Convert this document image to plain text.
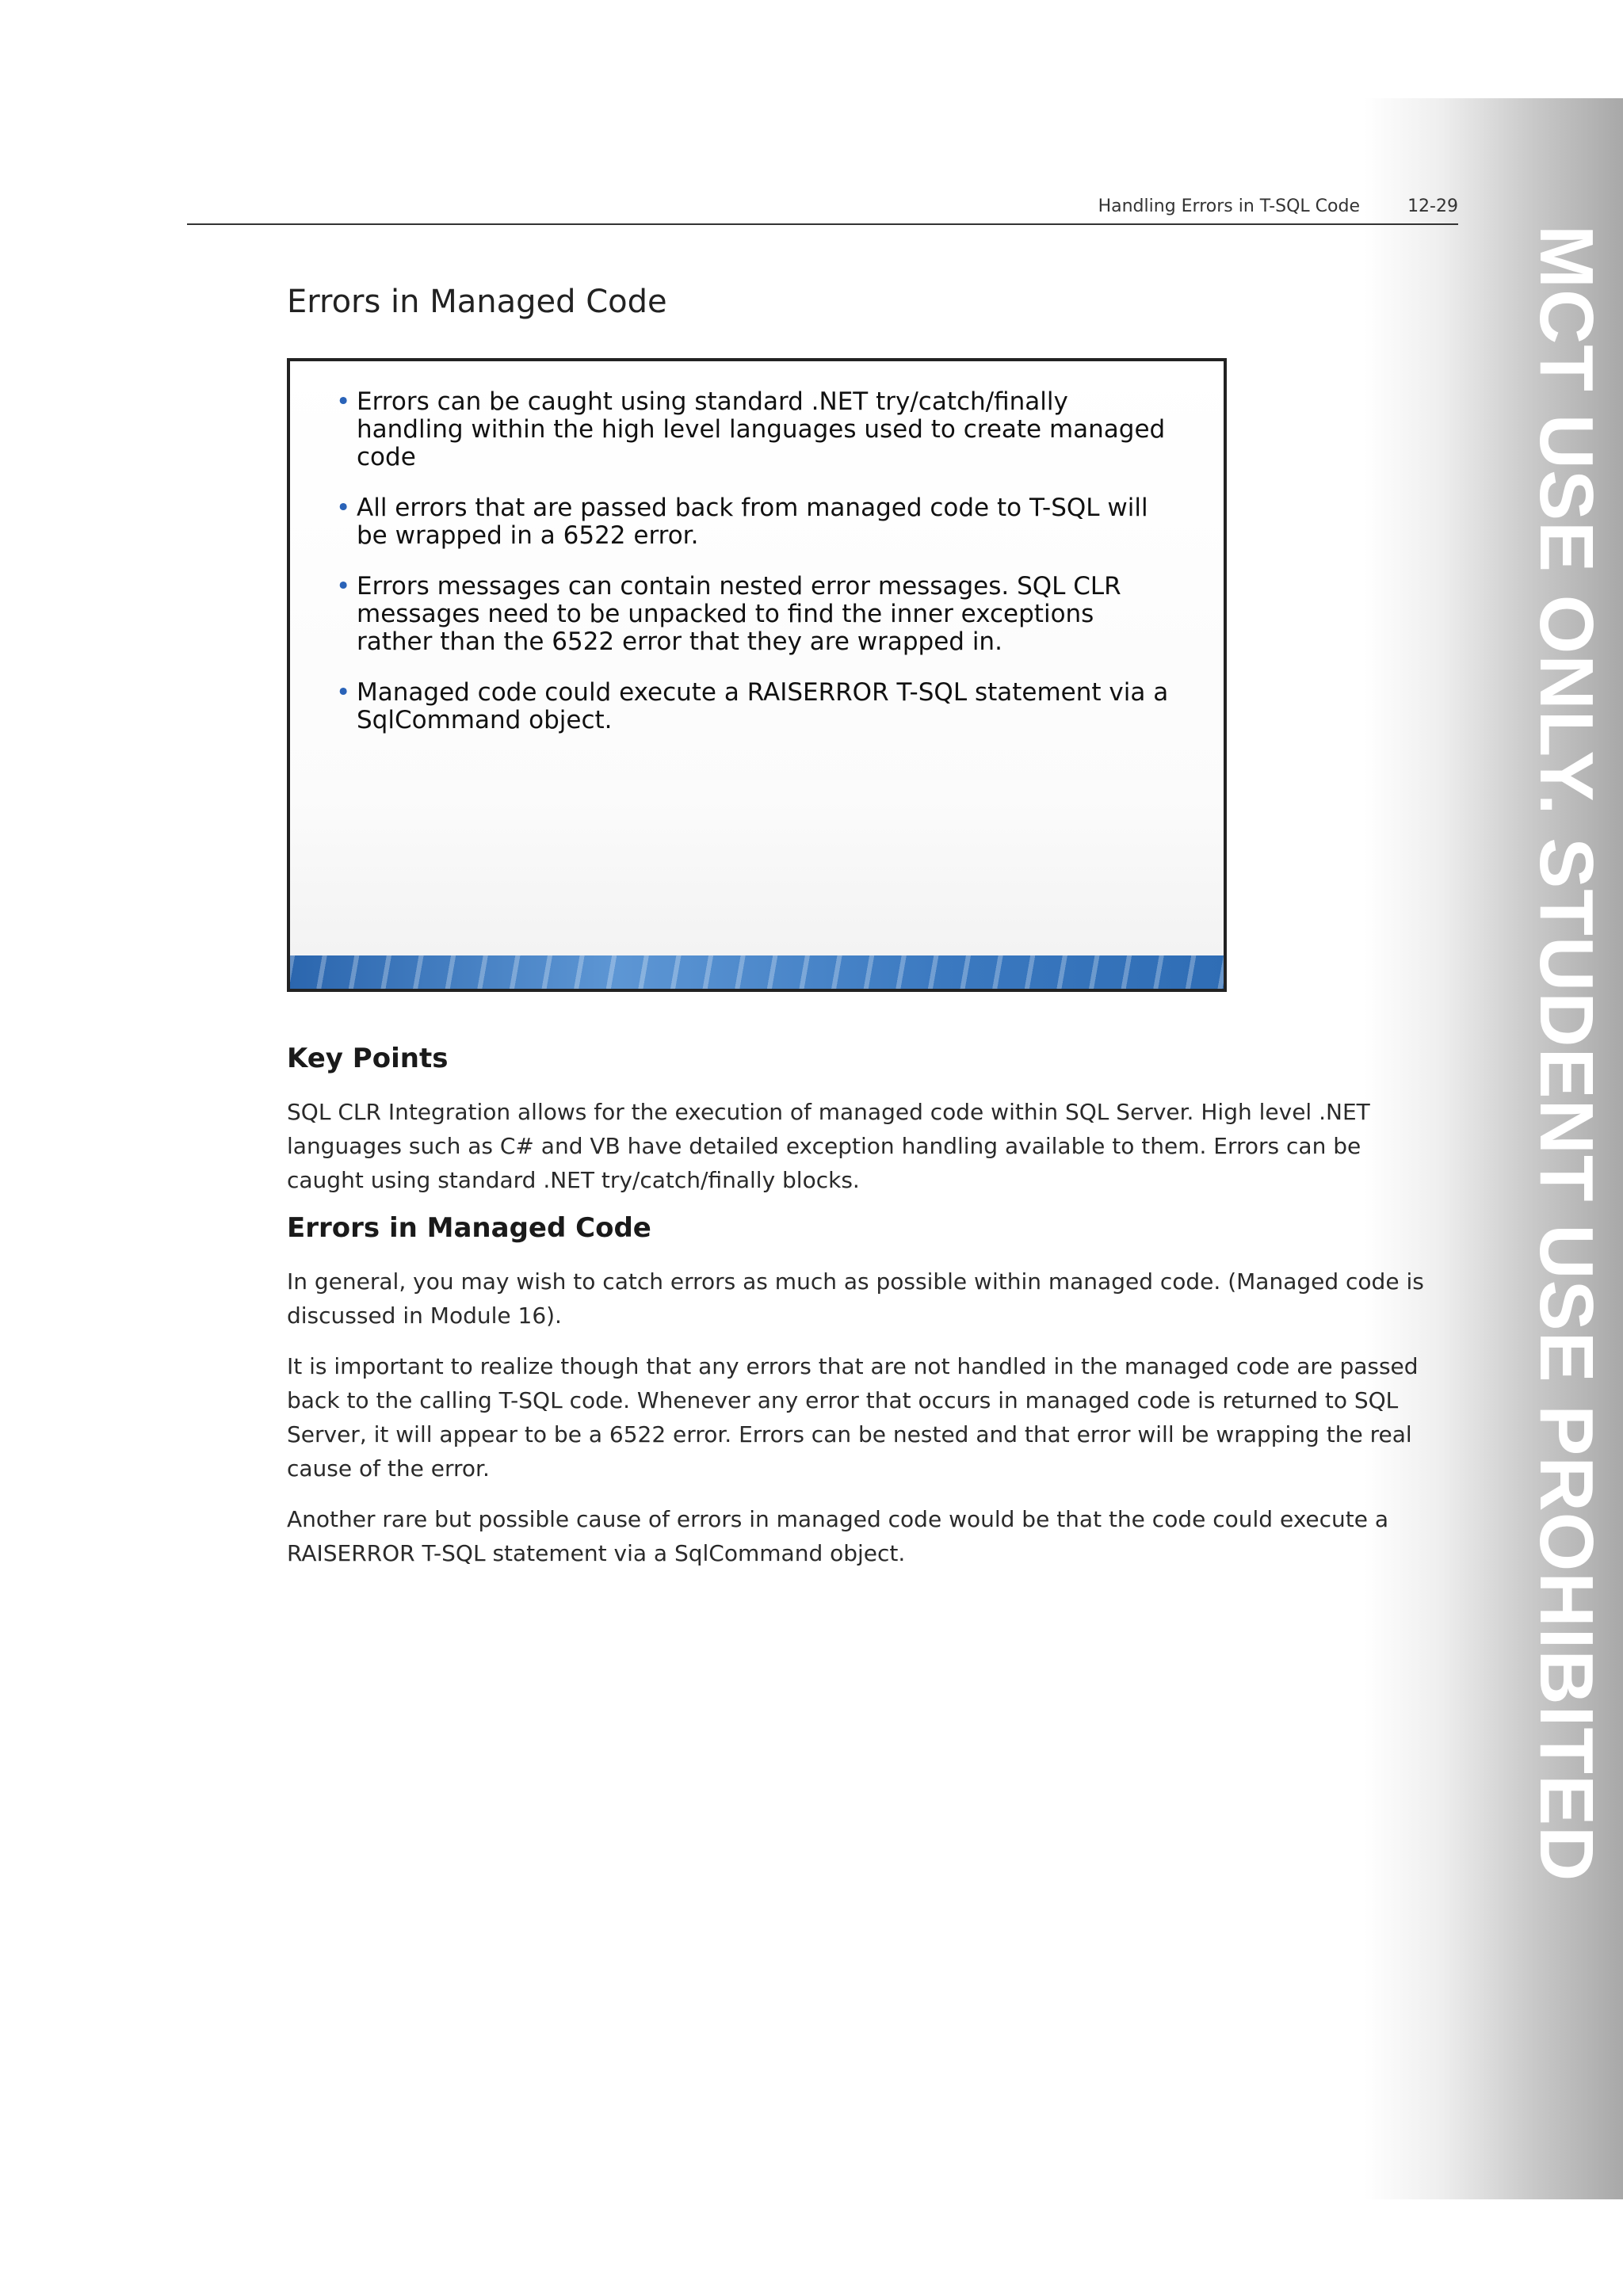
MCT USE ONLY. STUDENT USE PROHIBITED
Handling Errors in T-SQL Code	12-29
Errors in Managed Code
• Errors can be caught using standard .NET try/catch/finally handling within the high level languages used to create managed code
• All errors that are passed back from managed code to T-SQL will be wrapped in a 6522 error.
• Errors messages can contain nested error messages. SQL CLR messages need to be unpacked to find the inner exceptions rather than the 6522 error that they are wrapped in.
• Managed code could execute a RAISERROR T-SQL statement via a SqlCommand object.
Key Points

SQL CLR Integration allows for the execution of managed code within SQL Server. High level .NET languages such as C# and VB have detailed exception handling available to them. Errors can be caught using standard .NET try/catch/finally blocks.

Errors in Managed Code

In general, you may wish to catch errors as much as possible within managed code. (Managed code is discussed in Module 16).

It is important to realize though that any errors that are not handled in the managed code are passed back to the calling T-SQL code. Whenever any error that occurs in managed code is returned to SQL Server, it will appear to be a 6522 error. Errors can be nested and that error will be wrapping the real cause of the error.

Another rare but possible cause of errors in managed code would be that the code could execute a RAISERROR T-SQL statement via a SqlCommand object.
